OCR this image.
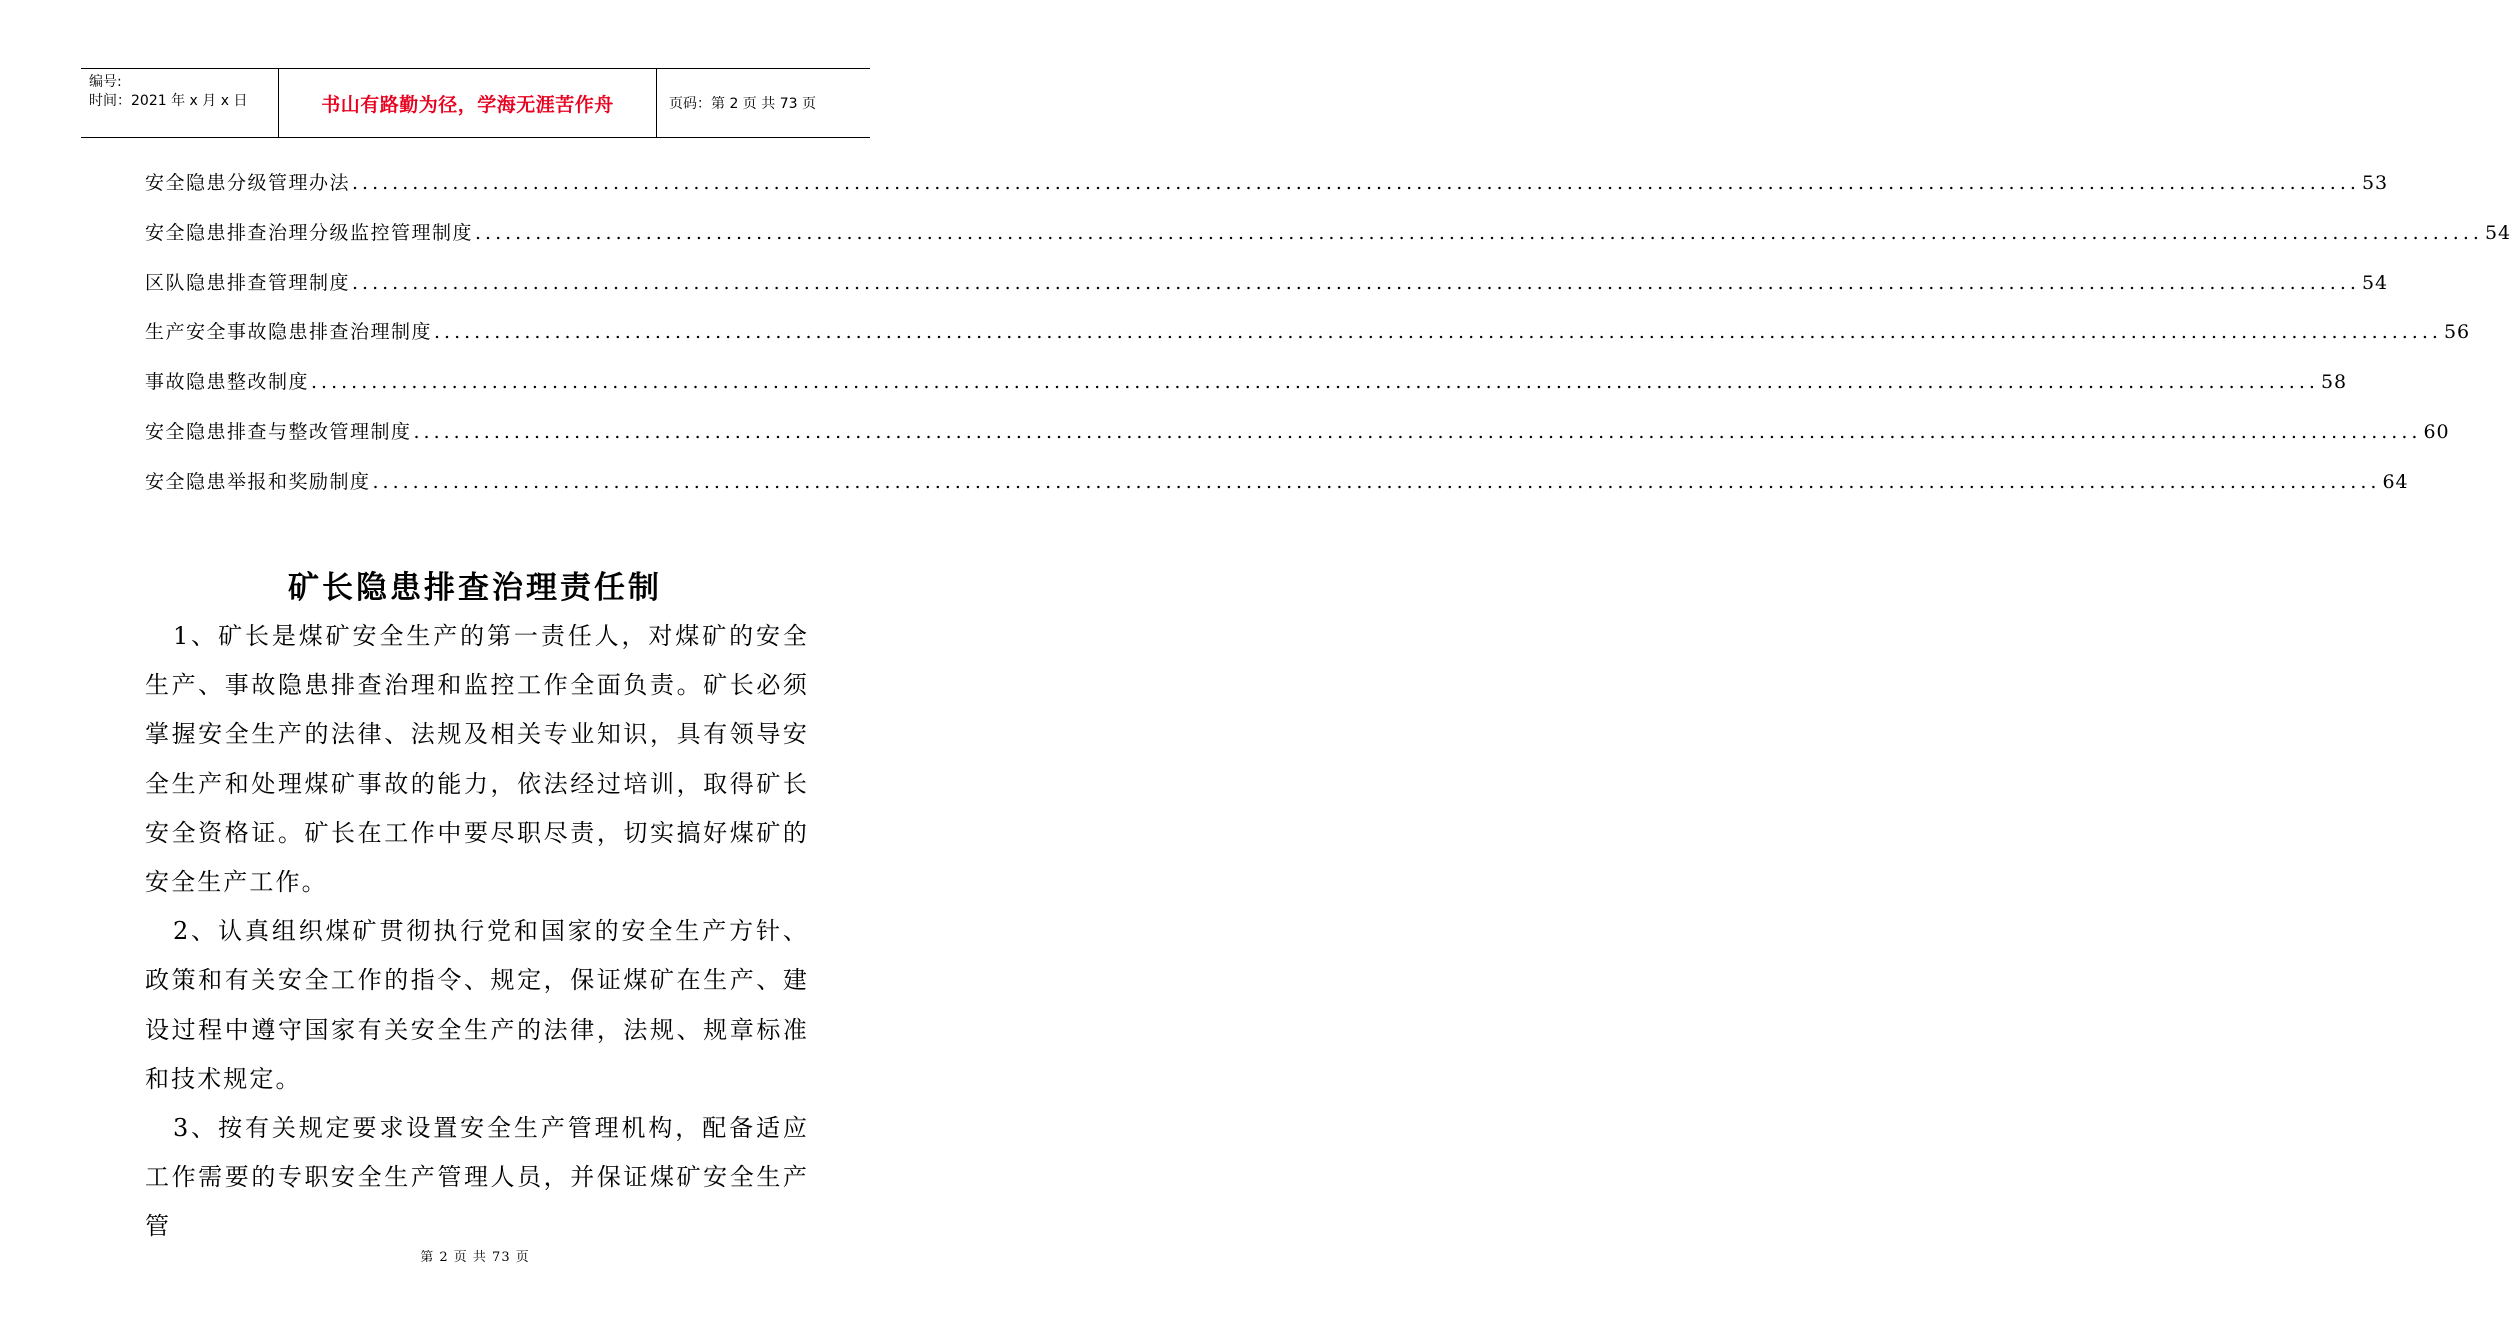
编号:
时间：2021 年 x 月 x 日	书山有路勤为径，学海无涯苦作舟	页码：第 2 页 共 73 页
安全隐患分级管理办法 ........................................................................................................................................................................................................ 53
安全隐患排查治理分级监控管理制度 ........................................................................................................................................................................................................ 54
区队隐患排查管理制度 ........................................................................................................................................................................................................ 54
生产安全事故隐患排查治理制度 ........................................................................................................................................................................................................ 56
事故隐患整改制度 ........................................................................................................................................................................................................ 58
安全隐患排查与整改管理制度 ........................................................................................................................................................................................................ 60
安全隐患举报和奖励制度 ........................................................................................................................................................................................................ 64
矿长隐患排查治理责任制

1、矿长是煤矿安全生产的第一责任人，对煤矿的安全生产、事故隐患排查治理和监控工作全面负责。矿长必须掌握安全生产的法律、法规及相关专业知识，具有领导安全生产和处理煤矿事故的能力，依法经过培训，取得矿长安全资格证。矿长在工作中要尽职尽责，切实搞好煤矿的安全生产工作。

2、认真组织煤矿贯彻执行党和国家的安全生产方针、政策和有关安全工作的指令、规定，保证煤矿在生产、建设过程中遵守国家有关安全生产的法律，法规、规章标准和技术规定。

3、按有关规定要求设置安全生产管理机构，配备适应工作需要的专职安全生产管理人员，并保证煤矿安全生产管

第 2 页 共 73 页
